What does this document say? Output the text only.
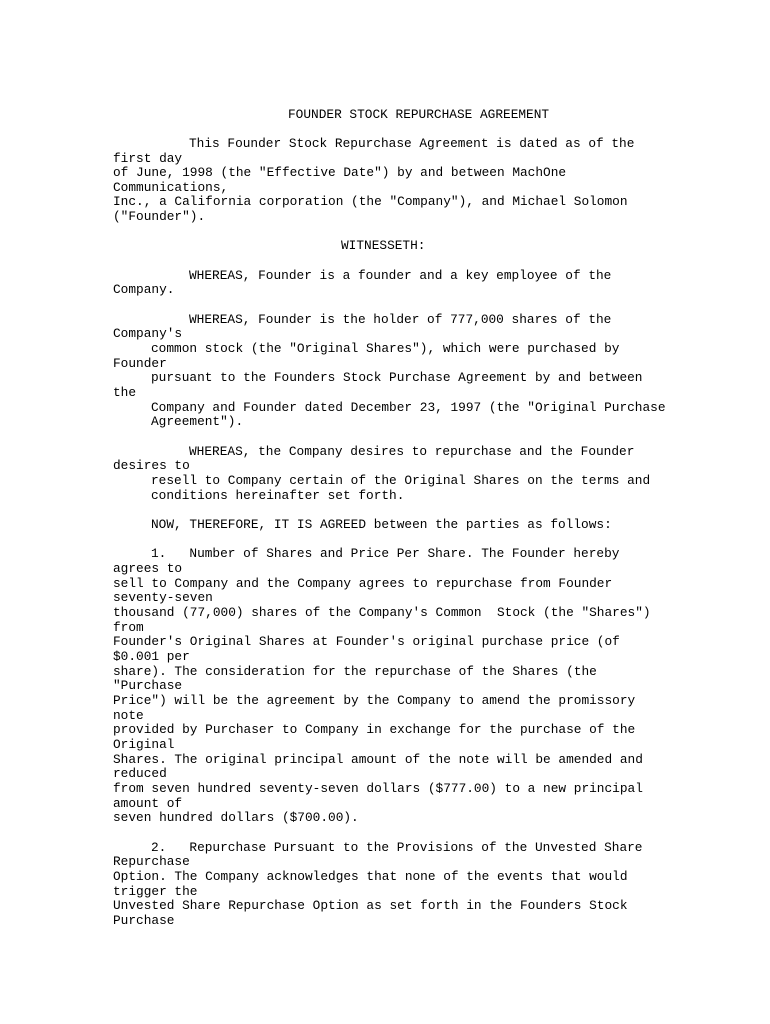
FOUNDER STOCK REPURCHASE AGREEMENT
This Founder Stock Repurchase Agreement is dated as of the
first day
of June, 1998 (the "Effective Date") by and between MachOne
Communications,
Inc., a California corporation (the "Company"), and Michael Solomon
("Founder").
WITNESSETH:
WHEREAS, Founder is a founder and a key employee of the
Company.
WHEREAS, Founder is the holder of 777,000 shares of the
Company's
common stock (the "Original Shares"), which were purchased by
Founder
pursuant to the Founders Stock Purchase Agreement by and between
the
Company and Founder dated December 23, 1997 (the "Original Purchase
Agreement").
WHEREAS, the Company desires to repurchase and the Founder
desires to
resell to Company certain of the Original Shares on the terms and
conditions hereinafter set forth.
NOW, THEREFORE, IT IS AGREED between the parties as follows:
1.   Number of Shares and Price Per Share. The Founder hereby
agrees to
sell to Company and the Company agrees to repurchase from Founder
seventy-seven
thousand (77,000) shares of the Company's Common  Stock (the "Shares")
from
Founder's Original Shares at Founder's original purchase price (of
$0.001 per
share). The consideration for the repurchase of the Shares (the
"Purchase
Price") will be the agreement by the Company to amend the promissory
note
provided by Purchaser to Company in exchange for the purchase of the
Original
Shares. The original principal amount of the note will be amended and
reduced
from seven hundred seventy-seven dollars ($777.00) to a new principal
amount of
seven hundred dollars ($700.00).
2.   Repurchase Pursuant to the Provisions of the Unvested Share
Repurchase
Option. The Company acknowledges that none of the events that would
trigger the
Unvested Share Repurchase Option as set forth in the Founders Stock
Purchase
